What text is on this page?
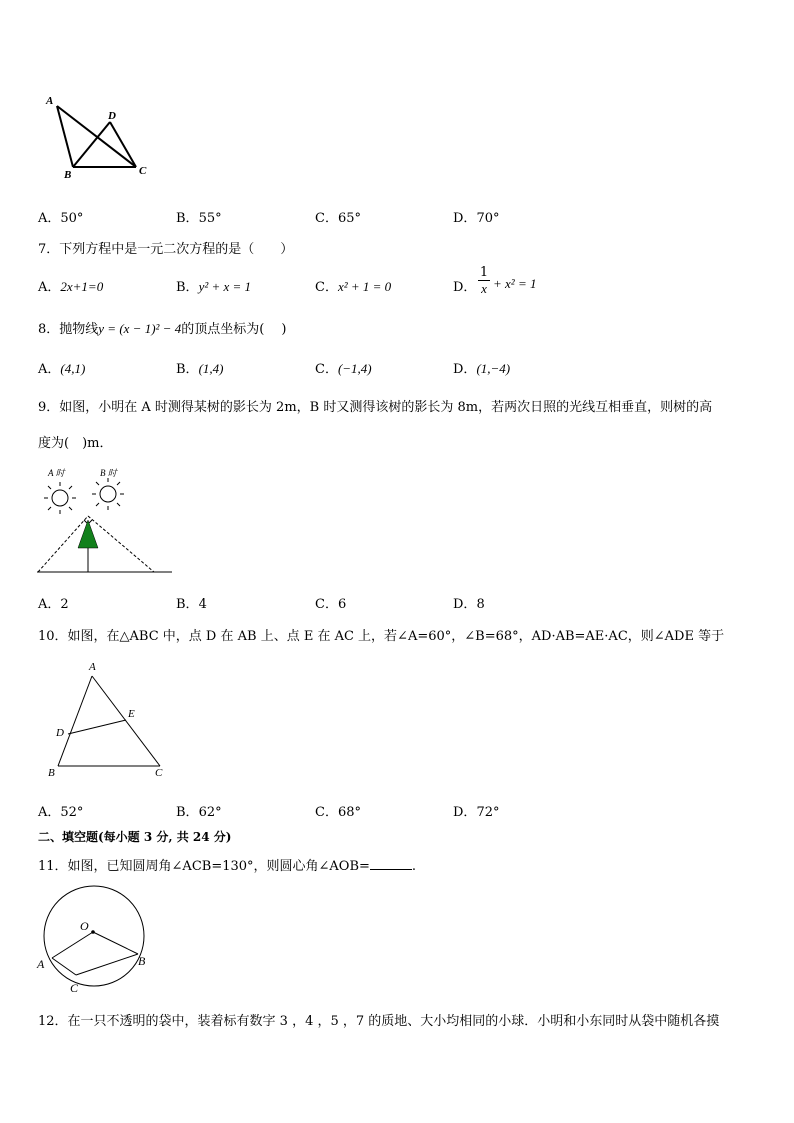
A
B	C
D
A．50°	B．55°	C．65°	D．70°
7．下列方程中是一元二次方程的是（　　）
A．2x+1=0	B．y² + x = 1	C．x² + 1 = 0	D． $\frac{1}{x} + x^2 = 1$
8．抛物线y = (x − 1)² − 4的顶点坐标为(　 )
A．(4,1)	B．(1,4)	C．(−1,4)	D．(1,−4)
9．如图，小明在 A 时测得某树的影长为 2m，B 时又测得该树的影长为 8m，若两次日照的光线互相垂直，则树的高
度为(　)m．
A 时	B 时
A．2	B．4	C．6	D．8
10．如图，在△ABC 中，点 D 在 AB 上、点 E 在 AC 上，若∠A=60°，∠B=68°，AD·AB=AE·AC，则∠ADE 等于
A
D
E
B	C
A．52°	B．62°	C．68°	D．72°
二、填空题(每小题 3 分, 共 24 分)
11．如图，已知圆周角∠ACB=130°，则圆心角∠AOB=	.
O
A	B
C
12．在一只不透明的袋中，装着标有数字 3 ，4 ，5 ，7 的质地、大小均相同的小球．小明和小东同时从袋中随机各摸
